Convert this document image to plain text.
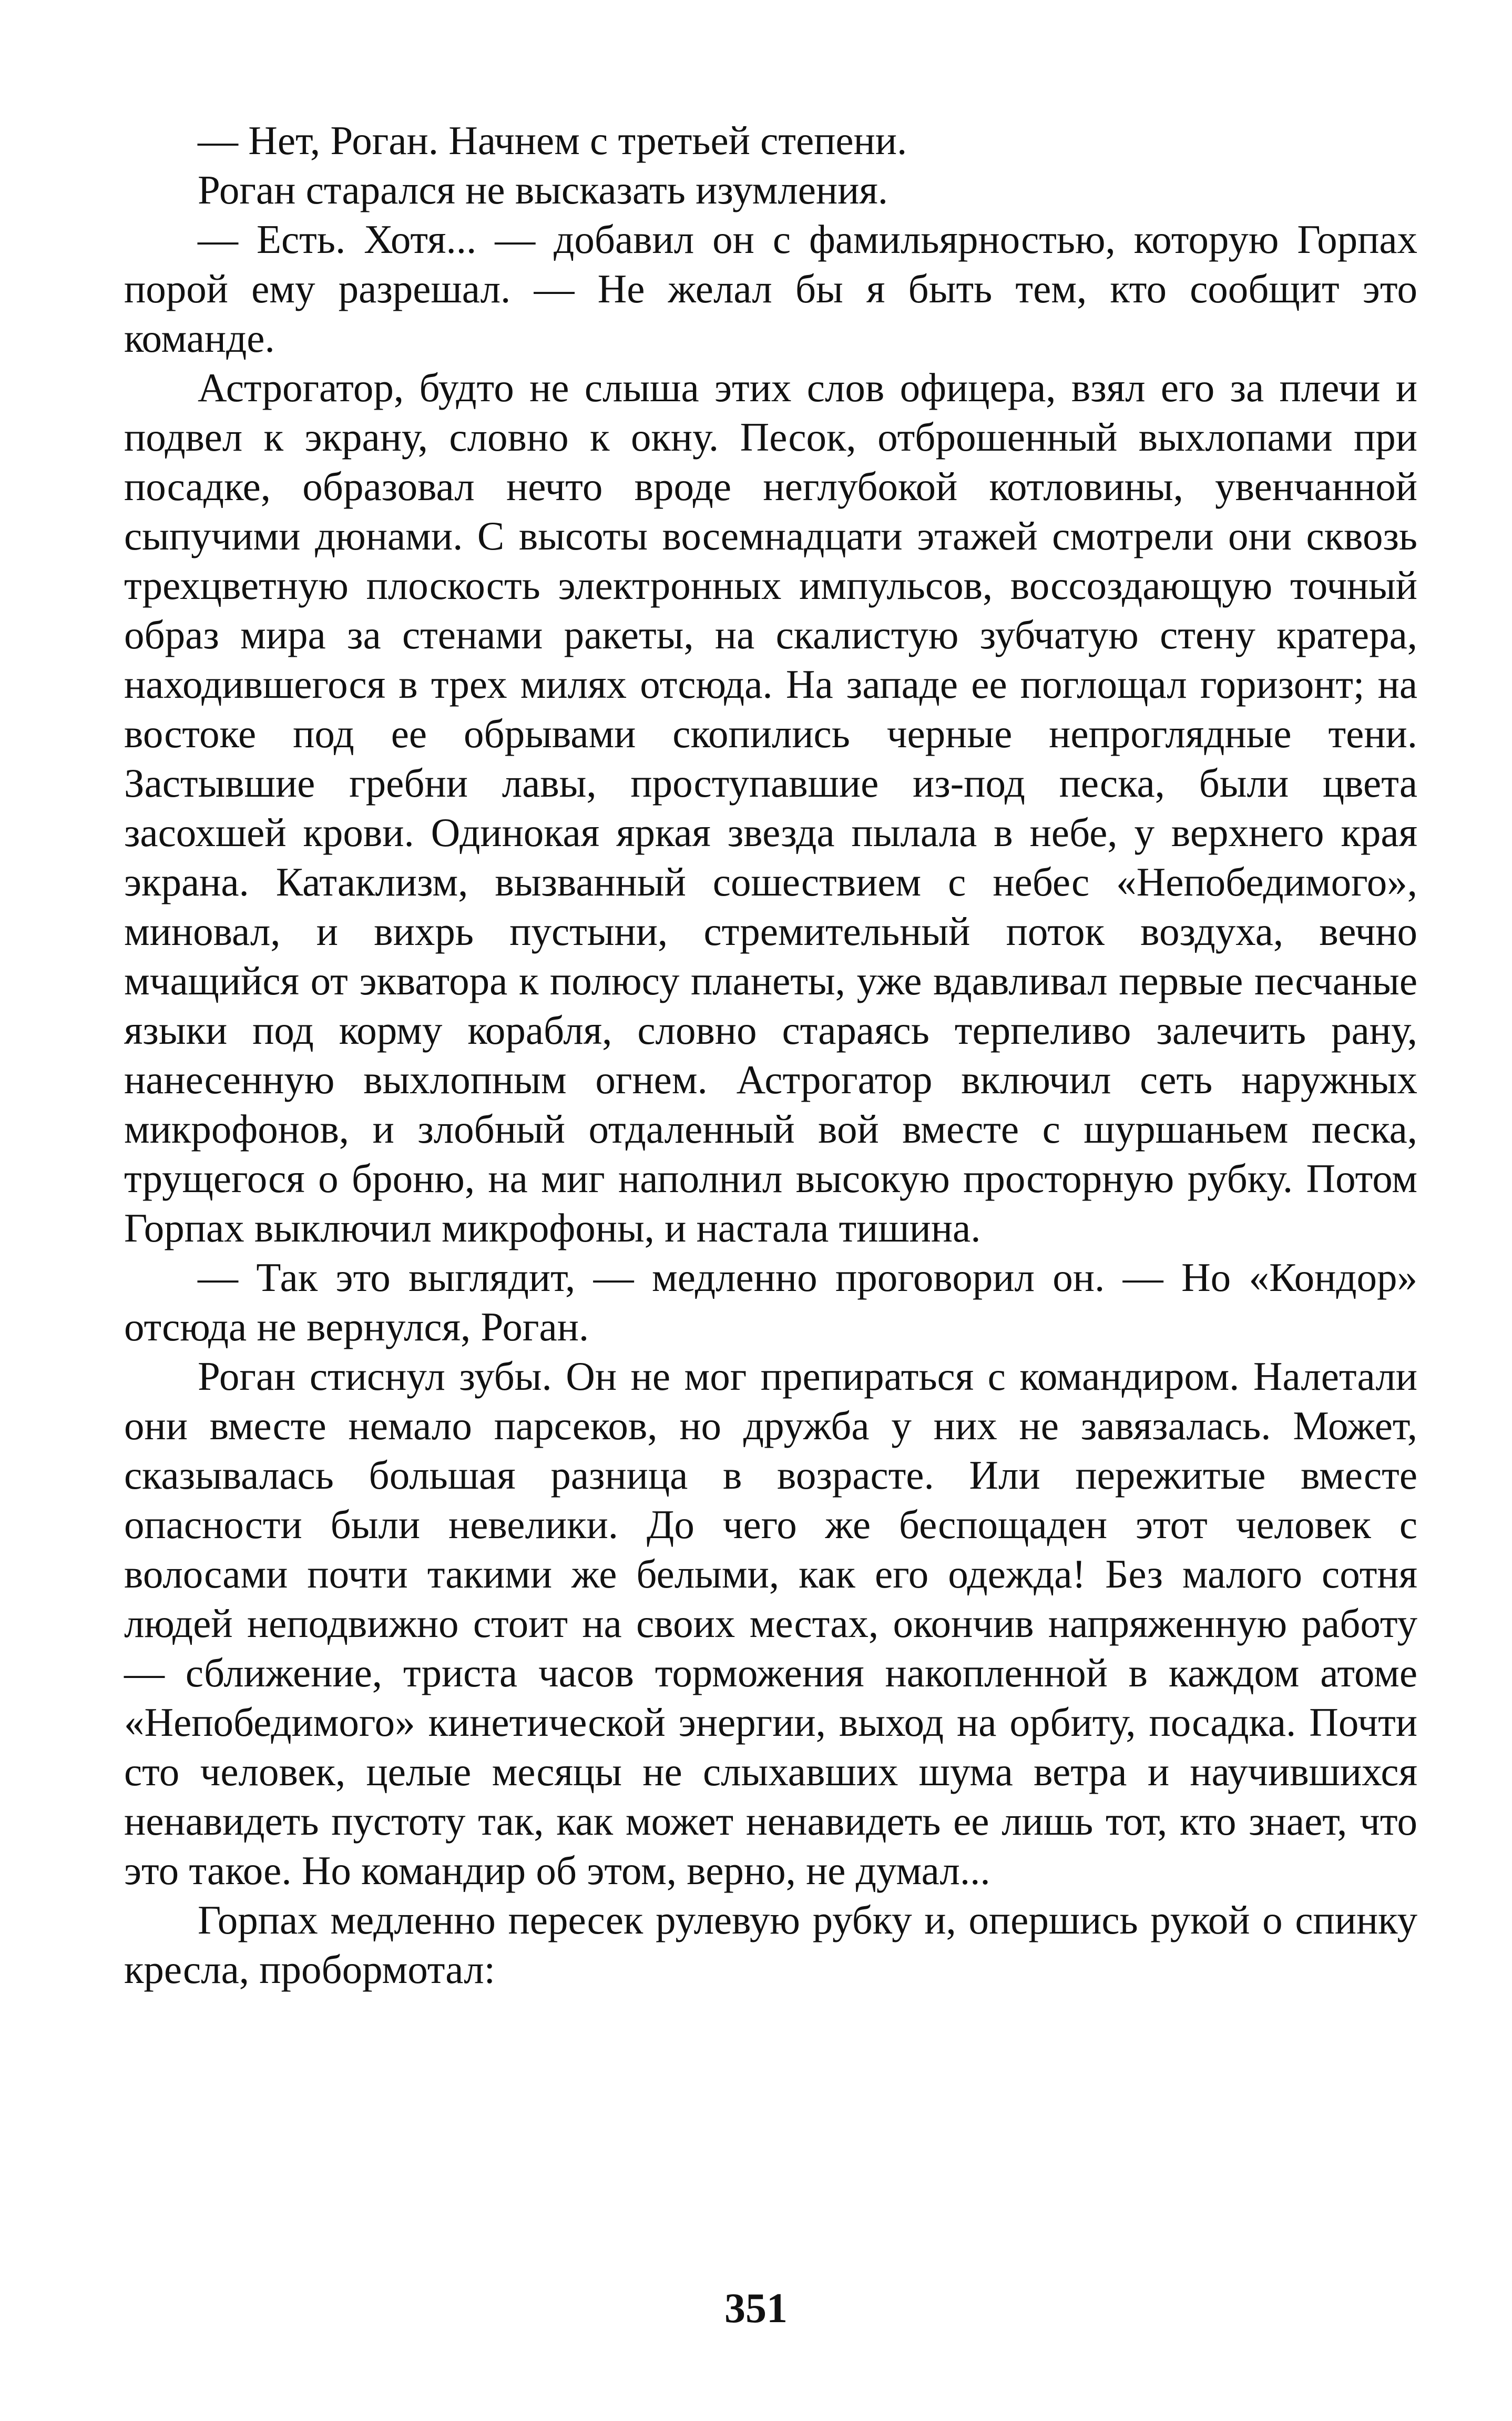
— Нет, Роган. Начнем с третьей степени.

Роган старался не высказать изумления.

— Есть. Хотя... — добавил он с фамильярностью, которую Горпах порой ему разрешал. — Не желал бы я быть тем, кто сообщит это команде.

Астрогатор, будто не слыша этих слов офицера, взял его за плечи и подвел к экрану, словно к окну. Песок, отброшенный выхлопами при посадке, образовал нечто вроде неглубокой котловины, увенчанной сыпучими дюнами. С высоты восемнадцати этажей смотрели они сквозь трехцветную плоскость электронных импульсов, воссоздающую точный образ мира за стенами ракеты, на скалистую зубчатую стену кратера, находившегося в трех милях отсюда. На западе ее поглощал горизонт; на востоке под ее обрывами скопились черные непроглядные тени. Застывшие гребни лавы, проступавшие из-под песка, были цвета засохшей крови. Одинокая яркая звезда пылала в небе, у верхнего края экрана. Катаклизм, вызванный сошествием с небес «Непобедимого», миновал, и вихрь пустыни, стремительный поток воздуха, вечно мчащийся от экватора к полюсу планеты, уже вдавливал первые песчаные языки под корму корабля, словно стараясь терпеливо залечить рану, нанесенную выхлопным огнем. Астрогатор включил сеть наружных микрофонов, и злобный отдаленный вой вместе с шуршаньем песка, трущегося о броню, на миг наполнил высокую просторную рубку. Потом Горпах выключил микрофоны, и настала тишина.

— Так это выглядит, — медленно проговорил он. — Но «Кондор» отсюда не вернулся, Роган.

Роган стиснул зубы. Он не мог препираться с командиром. Налетали они вместе немало парсеков, но дружба у них не завязалась. Может, сказывалась большая разница в возрасте. Или пережитые вместе опасности были невелики. До чего же беспощаден этот человек с волосами почти такими же белыми, как его одежда! Без малого сотня людей неподвижно стоит на своих местах, окончив напряженную работу — сближение, триста часов торможения накопленной в каждом атоме «Непобедимого» кинетической энергии, выход на орбиту, посадка. Почти сто человек, целые месяцы не слыхавших шума ветра и научившихся ненавидеть пустоту так, как может ненавидеть ее лишь тот, кто знает, что это такое. Но командир об этом, верно, не думал...

Горпах медленно пересек рулевую рубку и, опершись рукой о спинку кресла, пробормотал:

351
